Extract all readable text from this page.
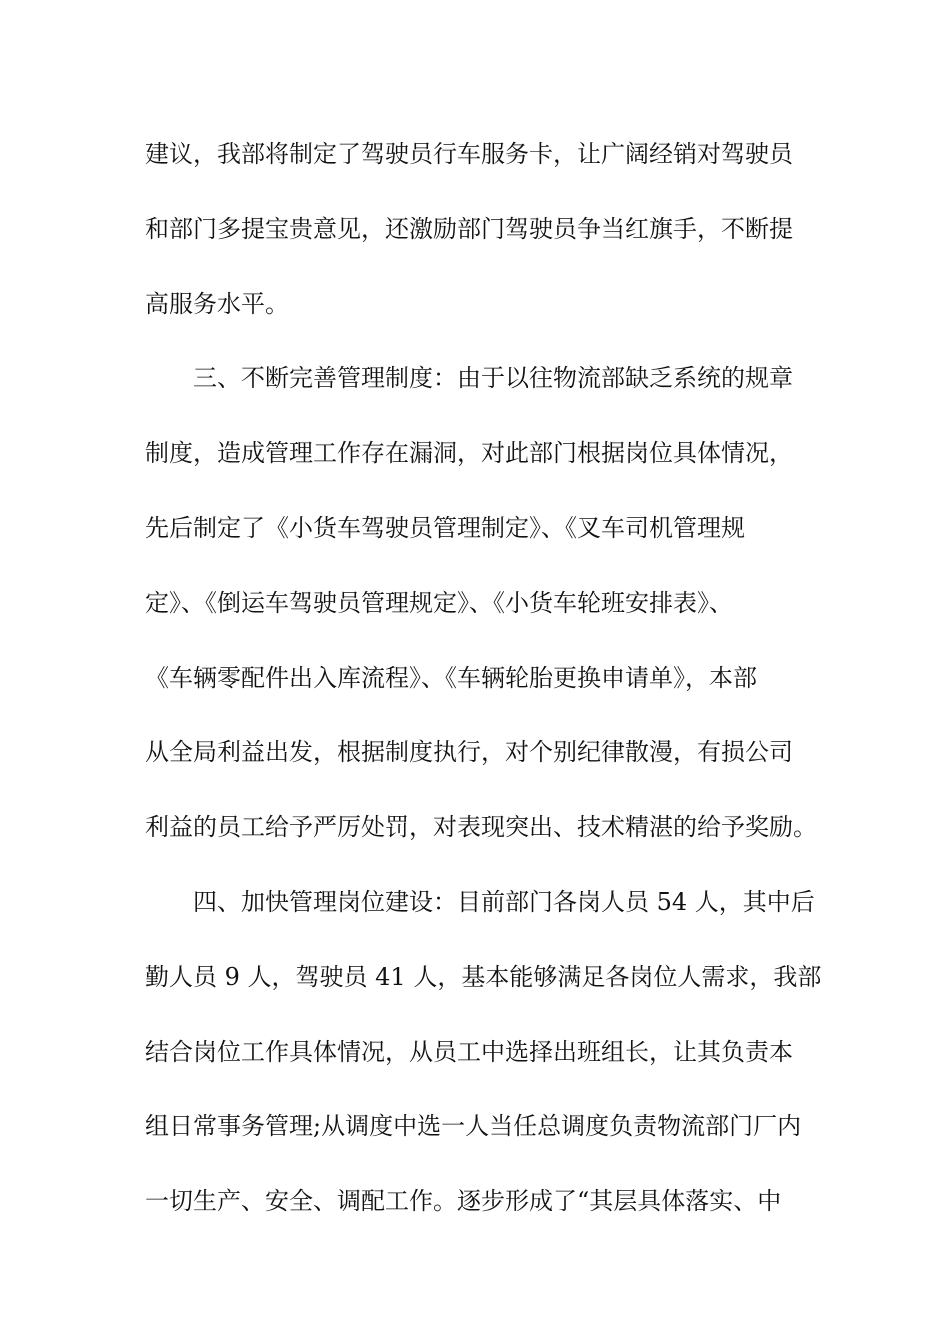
建议，我部将制定了驾驶员行车服务卡，让广阔经销对驾驶员
和部门多提宝贵意见，还激励部门驾驶员争当红旗手，不断提
高服务水平。
　　三、不断完善管理制度：由于以往物流部缺乏系统的规章
制度，造成管理工作存在漏洞，对此部门根据岗位具体情况，
先后制定了《小货车驾驶员管理制定》、《叉车司机管理规
定》、《倒运车驾驶员管理规定》、《小货车轮班安排表》、
《车辆零配件出入库流程》、《车辆轮胎更换申请单》，本部
从全局利益出发，根据制度执行，对个别纪律散漫，有损公司
利益的员工给予严厉处罚，对表现突出、技术精湛的给予奖励。
　　四、加快管理岗位建设：目前部门各岗人员 54 人，其中后
勤人员 9 人，驾驶员 41 人，基本能够满足各岗位人需求，我部
结合岗位工作具体情况，从员工中选择出班组长，让其负责本
组日常事务管理;从调度中选一人当任总调度负责物流部门厂内
一切生产、安全、调配工作。逐步形成了“其层具体落实、中
